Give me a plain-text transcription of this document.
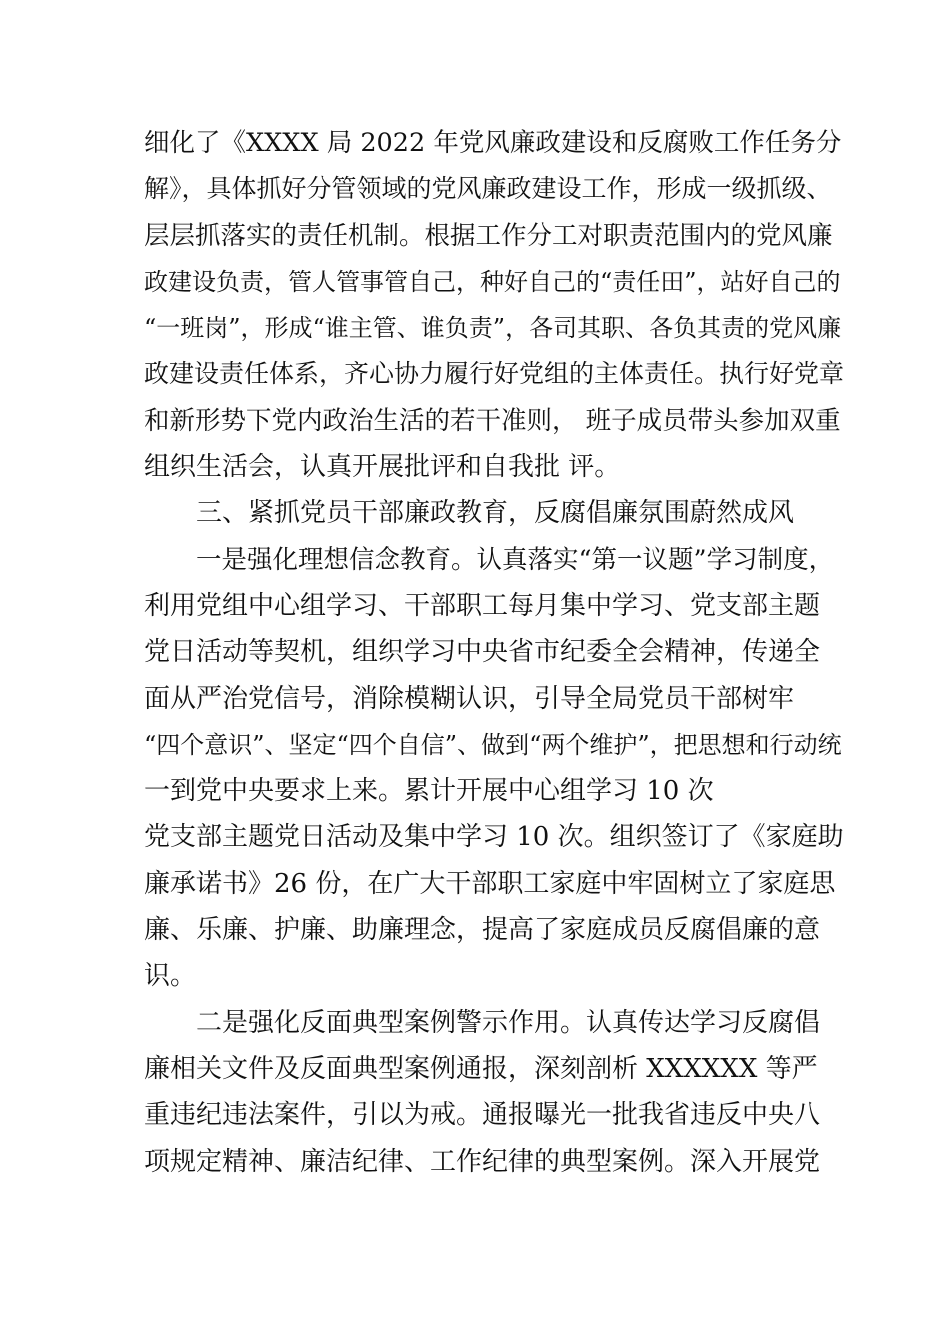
细化了《XXXX 局 2022 年党风廉政建设和反腐败工作任务分
解》，具体抓好分管领域的党风廉政建设工作，形成一级抓级、
层层抓落实的责任机制。根据工作分工对职责范围内的党风廉
政建设负责，管人管事管自己，种好自己的“责任田”，站好自己的
“一班岗”，形成“谁主管、谁负责”，各司其职、各负其责的党风廉
政建设责任体系，齐心协力履行好党组的主体责任。执行好党章
和新形势下党内政治生活的若干准则， 班子成员带头参加双重
组织生活会，认真开展批评和自我批 评。
三、紧抓党员干部廉政教育，反腐倡廉氛围蔚然成风
一是强化理想信念教育。认真落实“第一议题”学习制度，
利用党组中心组学习、干部职工每月集中学习、党支部主题
党日活动等契机，组织学习中央省市纪委全会精神，传递全
面从严治党信号，消除模糊认识，引导全局党员干部树牢
“四个意识”、坚定“四个自信”、做到“两个维护”，把思想和行动统
一到党中央要求上来。累计开展中心组学习 10 次
党支部主题党日活动及集中学习 10 次。组织签订了《家庭助
廉承诺书》26 份，在广大干部职工家庭中牢固树立了家庭思
廉、乐廉、护廉、助廉理念，提高了家庭成员反腐倡廉的意
识。
二是强化反面典型案例警示作用。认真传达学习反腐倡
廉相关文件及反面典型案例通报，深刻剖析 XXXXXX 等严
重违纪违法案件，引以为戒。通报曝光一批我省违反中央八
项规定精神、廉洁纪律、工作纪律的典型案例。深入开展党
